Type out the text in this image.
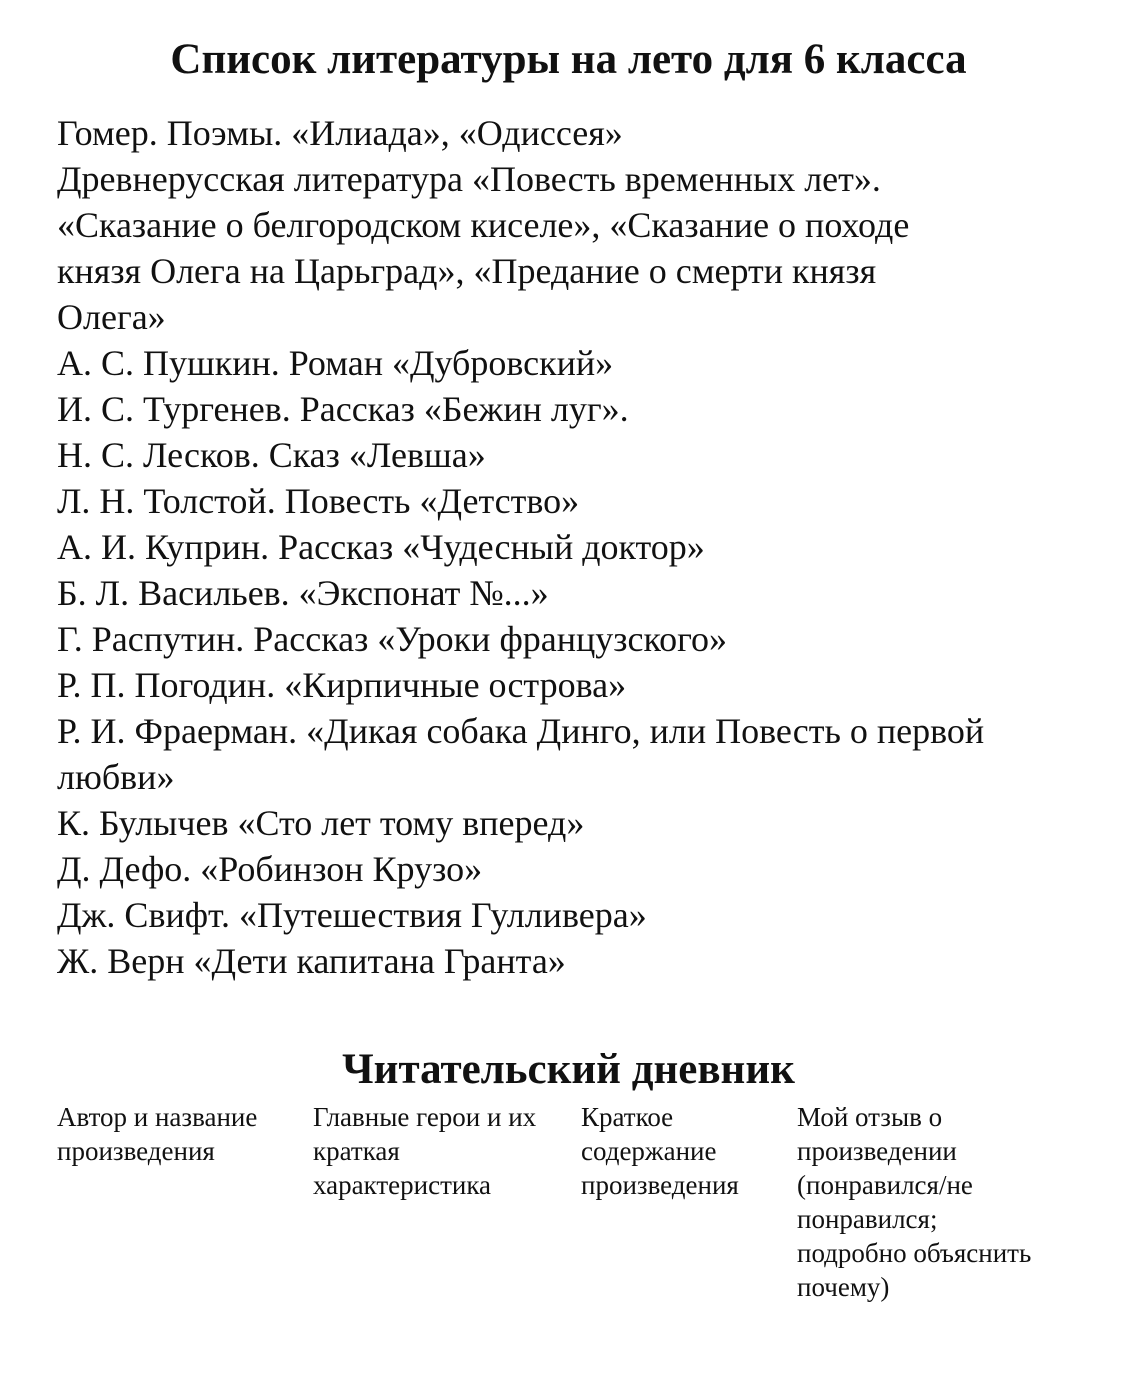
Список литературы на лето для 6 класса
Гомер. Поэмы. «Илиада», «Одиссея»
Древнерусская литература «Повесть временных лет».
«Сказание о белгородском киселе», «Сказание о походе
князя Олега на Царьград», «Предание о смерти князя
Олега»
А. С. Пушкин. Роман «Дубровский»
И. С. Тургенев. Рассказ «Бежин луг».
Н. С. Лесков. Сказ «Левша»
Л. Н. Толстой. Повесть «Детство»
А. И. Куприн. Рассказ «Чудесный доктор»
Б. Л. Васильев. «Экспонат №...»
Г. Распутин. Рассказ «Уроки французского»
Р. П. Погодин. «Кирпичные острова»
Р. И. Фраерман. «Дикая собака Динго, или Повесть о первой
любви»
К. Булычев «Сто лет тому вперед»
Д. Дефо. «Робинзон Крузо»
Дж. Свифт. «Путешествия Гулливера»
Ж. Верн «Дети капитана Гранта»
Читательский дневник
Автор и название
произведения
Главные герои и их
краткая
характеристика
Краткое
содержание
произведения
Мой отзыв о
произведении
(понравился/не
понравился;
подробно объяснить
почему)
